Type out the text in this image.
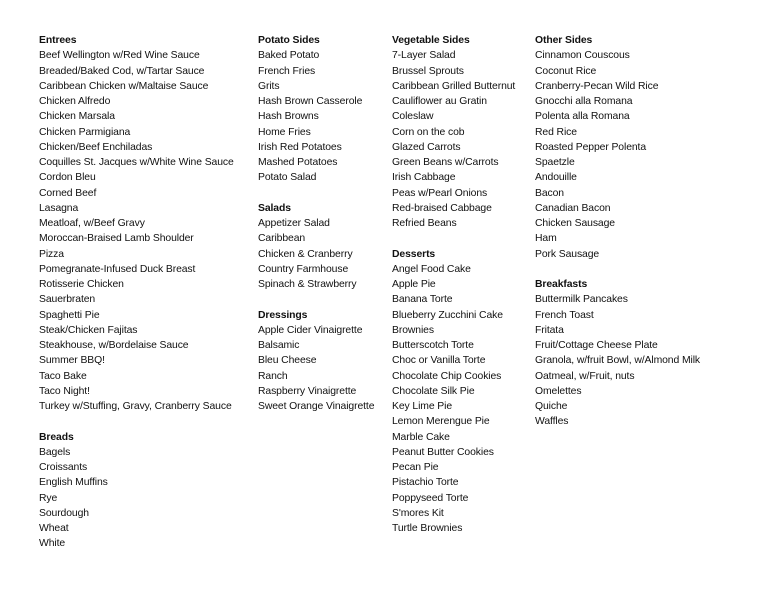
Entrees
Beef Wellington w/Red Wine Sauce
Breaded/Baked Cod, w/Tartar Sauce
Caribbean Chicken w/Maltaise Sauce
Chicken Alfredo
Chicken Marsala
Chicken Parmigiana
Chicken/Beef Enchiladas
Coquilles St. Jacques w/White Wine Sauce
Cordon Bleu
Corned Beef
Lasagna
Meatloaf, w/Beef Gravy
Moroccan-Braised Lamb Shoulder
Pizza
Pomegranate-Infused Duck Breast
Rotisserie Chicken
Sauerbraten
Spaghetti Pie
Steak/Chicken Fajitas
Steakhouse, w/Bordelaise Sauce
Summer BBQ!
Taco Bake
Taco Night!
Turkey w/Stuffing, Gravy, Cranberry Sauce
Breads
Bagels
Croissants
English Muffins
Rye
Sourdough
Wheat
White
Potato Sides
Baked Potato
French Fries
Grits
Hash Brown Casserole
Hash Browns
Home Fries
Irish Red Potatoes
Mashed Potatoes
Potato Salad
Salads
Appetizer Salad
Caribbean
Chicken & Cranberry
Country Farmhouse
Spinach & Strawberry
Dressings
Apple Cider Vinaigrette
Balsamic
Bleu Cheese
Ranch
Raspberry Vinaigrette
Sweet Orange Vinaigrette
Vegetable Sides
7-Layer Salad
Brussel Sprouts
Caribbean Grilled Butternut
Cauliflower au Gratin
Coleslaw
Corn on the cob
Glazed Carrots
Green Beans w/Carrots
Irish Cabbage
Peas w/Pearl Onions
Red-braised Cabbage
Refried Beans
Desserts
Angel Food Cake
Apple Pie
Banana Torte
Blueberry Zucchini Cake
Brownies
Butterscotch Torte
Choc or Vanilla Torte
Chocolate Chip Cookies
Chocolate Silk Pie
Key Lime Pie
Lemon Merengue Pie
Marble Cake
Peanut Butter Cookies
Pecan Pie
Pistachio Torte
Poppyseed Torte
S'mores Kit
Turtle Brownies
Other Sides
Cinnamon Couscous
Coconut Rice
Cranberry-Pecan Wild Rice
Gnocchi alla Romana
Polenta alla Romana
Red Rice
Roasted Pepper Polenta
Spaetzle
Andouille
Bacon
Canadian Bacon
Chicken Sausage
Ham
Pork Sausage
Breakfasts
Buttermilk Pancakes
French Toast
Fritata
Fruit/Cottage Cheese Plate
Granola, w/fruit Bowl, w/Almond Milk
Oatmeal, w/Fruit, nuts
Omelettes
Quiche
Waffles
